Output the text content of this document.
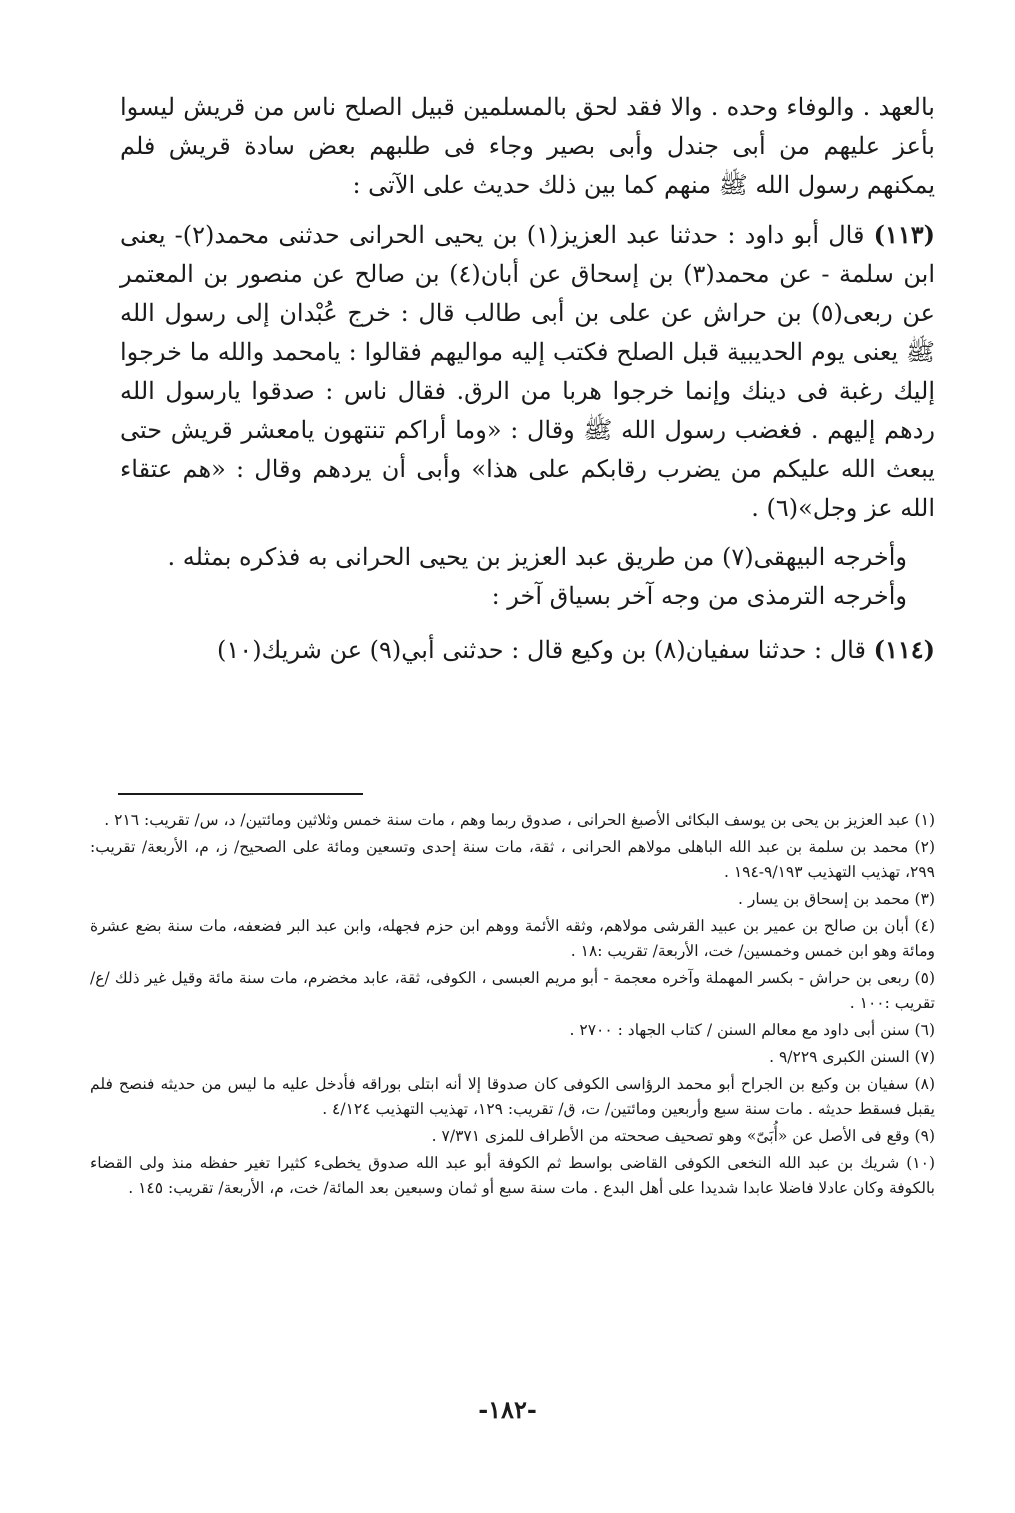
بالعهد . والوفاء وحده . والا فقد لحق بالمسلمين قبيل الصلح ناس من قريش ليسوا بأعز عليهم من أبى جندل وأبى بصير وجاء فى طلبهم بعض سادة قريش فلم يمكنهم رسول الله ﷺ منهم كما بين ذلك حديث على الآتى :

(١١٣) قال أبو داود : حدثنا عبد العزيز(١) بن يحيى الحرانى حدثنى محمد(٢)- يعنى ابن سلمة - عن محمد(٣) بن إسحاق عن أبان(٤) بن صالح عن منصور بن المعتمر عن ربعى(٥) بن حراش عن على بن أبى طالب قال : خرج عُبْدان إلى رسول الله ﷺ يعنى يوم الحديبية قبل الصلح فكتب إليه مواليهم فقالوا : يامحمد والله ما خرجوا إليك رغبة فى دينك وإنما خرجوا هربا من الرق. فقال ناس : صدقوا يارسول الله ردهم إليهم . فغضب رسول الله ﷺ وقال : «وما أراكم تنتهون يامعشر قريش حتى يبعث الله عليكم من يضرب رقابكم على هذا» وأبى أن يردهم وقال : «هم عتقاء الله عز وجل»(٦) .

وأخرجه البيهقى(٧) من طريق عبد العزيز بن يحيى الحرانى به فذكره بمثله .

وأخرجه الترمذى من وجه آخر بسياق آخر :

(١١٤) قال : حدثنا سفيان(٨) بن وكيع قال : حدثنى أبي(٩) عن شريك(١٠)

(١) عبد العزيز بن يحى بن يوسف البكائى الأصبغ الحرانى ، صدوق ربما وهم ، مات سنة خمس وثلاثين ومائتين/ د، س/ تقريب: ٢١٦ .

(٢) محمد بن سلمة بن عبد الله الباهلى مولاهم الحرانى ، ثقة، مات سنة إحدى وتسعين ومائة على الصحيح/ ز، م، الأربعة/ تقريب: ٢٩٩، تهذيب التهذيب ٩/١٩٣-١٩٤ .

(٣) محمد بن إسحاق بن يسار .

(٤) أبان بن صالح بن عمير بن عبيد القرشى مولاهم، وثقه الأئمة ووهم ابن حزم فجهله، وابن عبد البر فضعفه، مات سنة بضع عشرة ومائة وهو ابن خمس وخمسين/ خت، الأربعة/ تقريب :١٨ .

(٥) ربعى بن حراش - بكسر المهملة وآخره معجمة - أبو مريم العبسى ، الكوفى، ثقة، عابد مخضرم، مات سنة مائة وقيل غير ذلك /ع/ تقريب :١٠٠ .

(٦) سنن أبى داود مع معالم السنن / كتاب الجهاد : ٢٧٠٠ .

(٧) السنن الكبرى ٩/٢٢٩ .

(٨) سفيان بن وكيع بن الجراح أبو محمد الرؤاسى الكوفى كان صدوقا إلا أنه ابتلى بوراقه فأدخل عليه ما ليس من حديثه فنصح فلم يقبل فسقط حديثه . مات سنة سبع وأربعين ومائتين/ ت، ق/ تقريب: ١٢٩، تهذيب التهذيب ٤/١٢٤ .

(٩) وقع فى الأصل عن «أُبَىّ» وهو تصحيف صححته من الأطراف للمزى ٧/٣٧١ .

(١٠) شريك بن عبد الله النخعى الكوفى القاضى بواسط ثم الكوفة أبو عبد الله صدوق يخطىء كثيرا تغير حفظه منذ ولى القضاء بالكوفة وكان عادلا فاضلا عابدا شديدا على أهل البدع . مات سنة سبع أو ثمان وسبعين بعد المائة/ خت، م، الأربعة/ تقريب: ١٤٥ .

-١٨٢-
